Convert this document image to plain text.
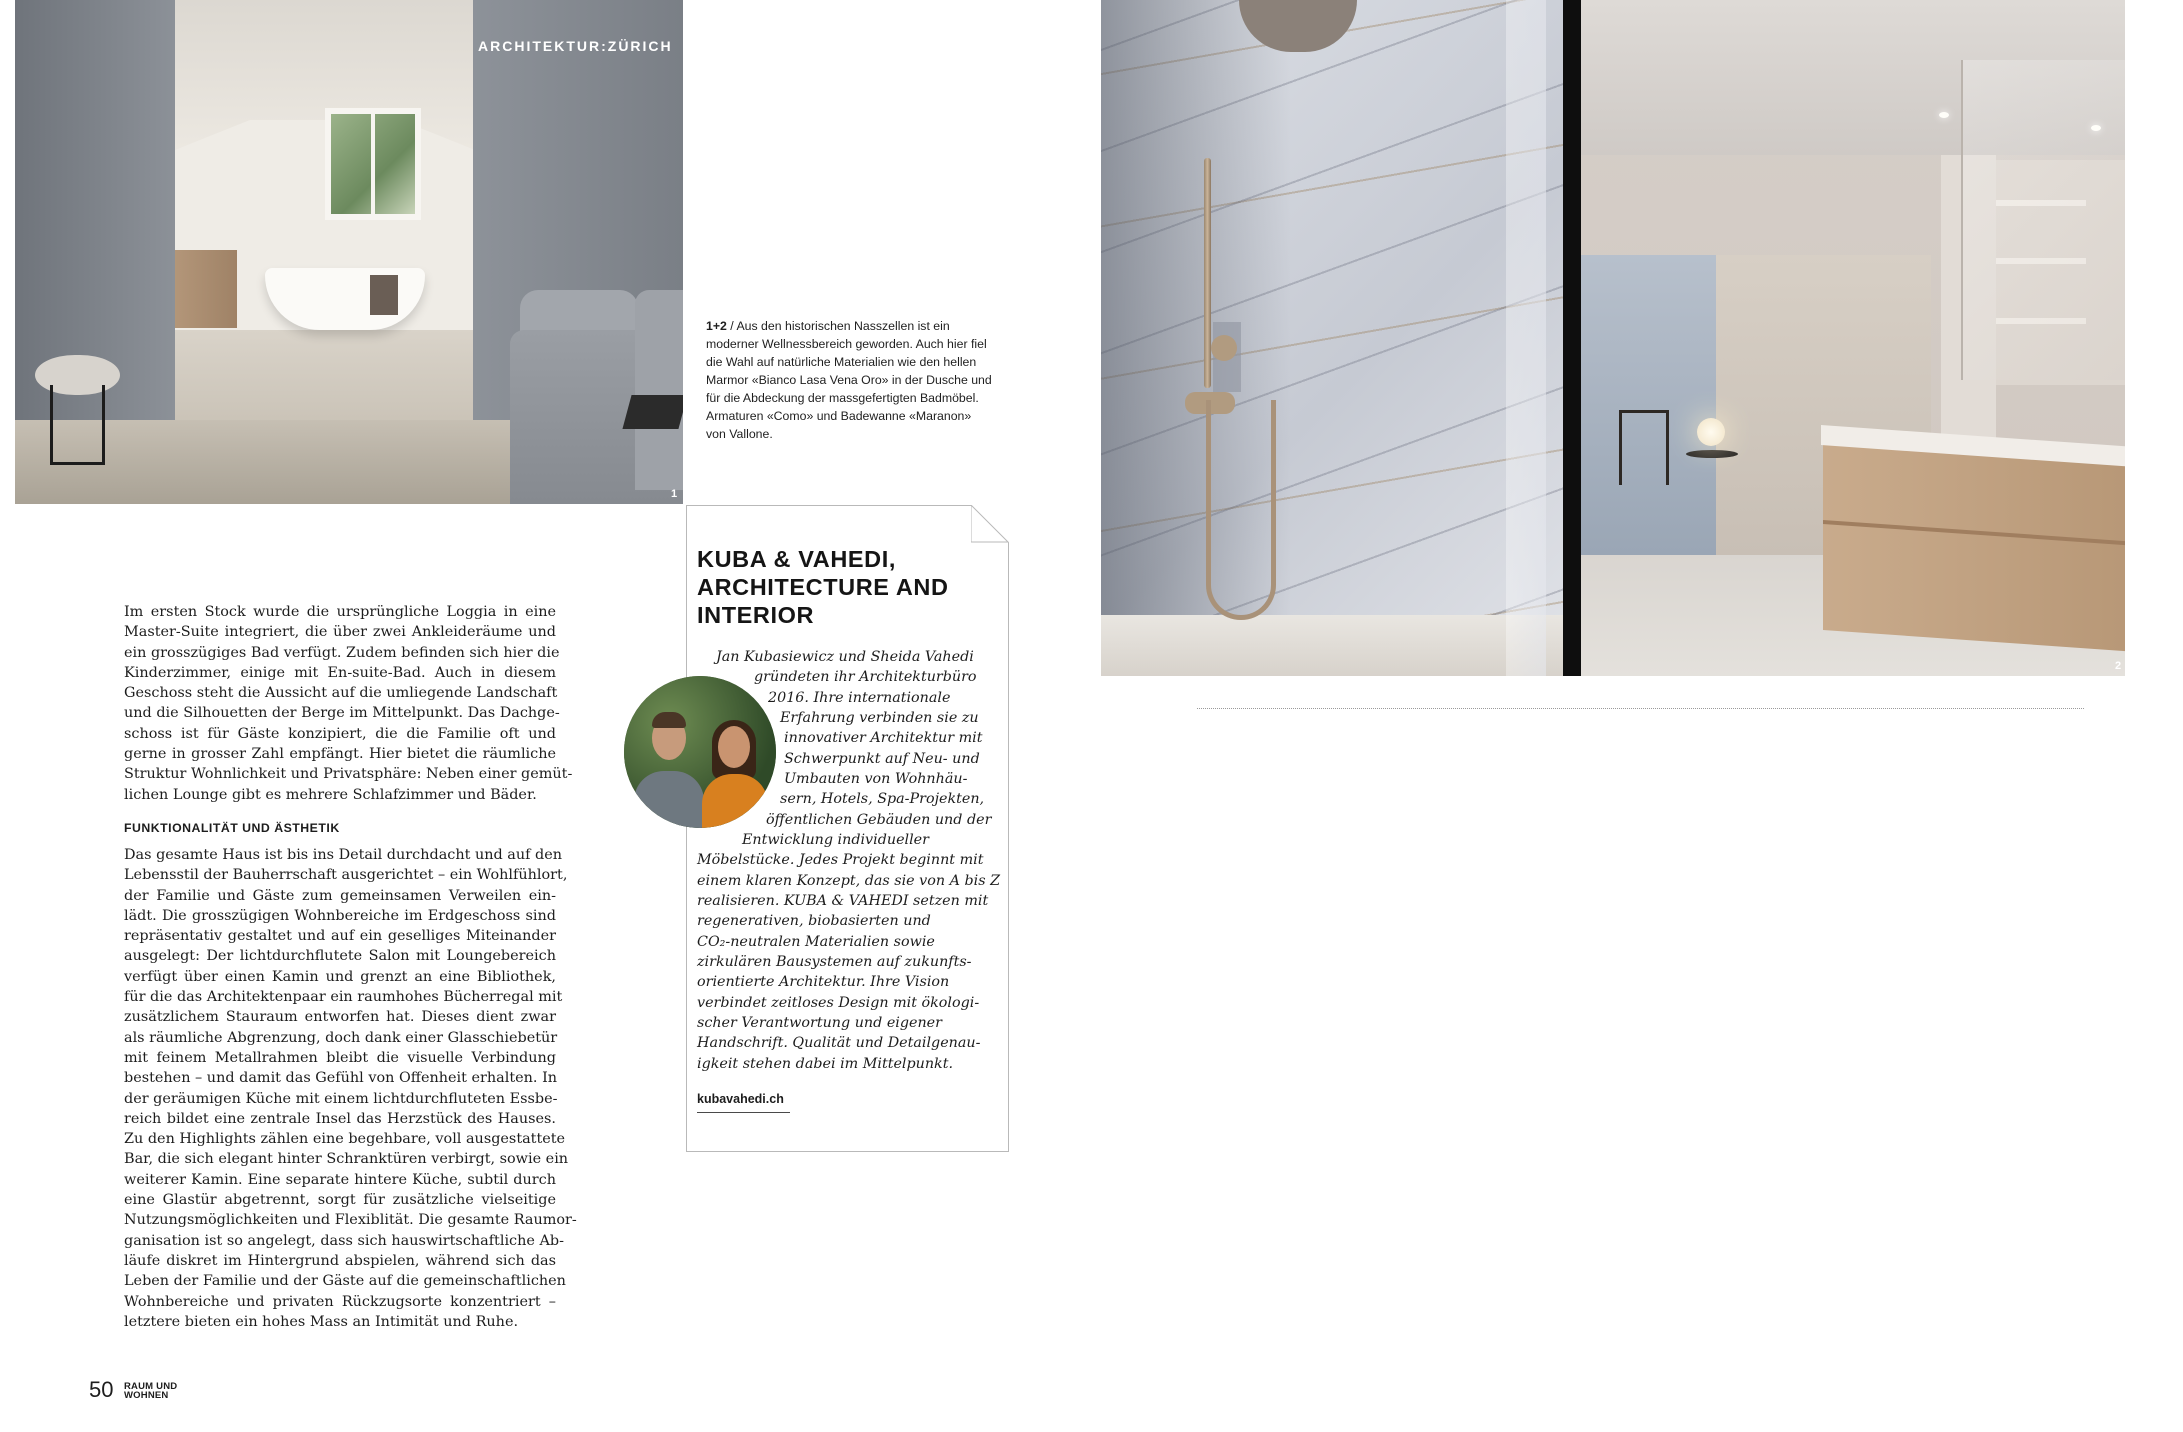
ARCHITEKTUR:ZÜRICH
1
2
1+2 / Aus den historischen Nasszellen ist ein
moderner Wellnessbereich geworden. Auch hier fiel
die Wahl auf natürliche Materialien wie den hellen
Marmor «Bianco Lasa Vena Oro» in der Dusche und
für die Abdeckung der massgefertigten Badmöbel.
Armaturen «Como» und Badewanne «Maranon»
von Vallone.
KUBA & VAHEDI,
ARCHITECTURE AND
INTERIOR
Jan Kubasiewicz und Sheida Vahedi
gründeten ihr Architekturbüro
2016. Ihre internationale
Erfahrung verbinden sie zu
innovativer Architektur mit
Schwerpunkt auf Neu- und
Umbauten von Wohnhäu-
sern, Hotels, Spa-Projekten,
öffentlichen Gebäuden und der
Entwicklung individueller
Möbelstücke. Jedes Projekt beginnt mit
einem klaren Konzept, das sie von A bis Z
realisieren. KUBA & VAHEDI setzen mit
regenerativen, biobasierten und
CO₂-neutralen Materialien sowie
zirkulären Bausystemen auf zukunfts-
orientierte Architektur. Ihre Vision
verbindet zeitloses Design mit ökologi-
scher Verantwortung und eigener
Handschrift. Qualität und Detailgenau-
igkeit stehen dabei im Mittelpunkt.
kubavahedi.ch
Im ersten Stock wurde die ursprüngliche Loggia in eine
Master-Suite integriert, die über zwei Ankleideräume und
ein grosszügiges Bad verfügt. Zudem befinden sich hier die
Kinderzimmer, einige mit En-suite-Bad. Auch in diesem
Geschoss steht die Aussicht auf die umliegende Landschaft
und die Silhouetten der Berge im Mittelpunkt. Das Dachge-
schoss ist für Gäste konzipiert, die die Familie oft und
gerne in grosser Zahl empfängt. Hier bietet die räumliche
Struktur Wohnlichkeit und Privatsphäre: Neben einer gemüt-
lichen Lounge gibt es mehrere Schlafzimmer und Bäder.
FUNKTIONALITÄT UND ÄSTHETIK
Das gesamte Haus ist bis ins Detail durchdacht und auf den
Lebensstil der Bauherrschaft ausgerichtet – ein Wohlfühlort,
der Familie und Gäste zum gemeinsamen Verweilen ein-
lädt. Die grosszügigen Wohnbereiche im Erdgeschoss sind
repräsentativ gestaltet und auf ein geselliges Miteinander
ausgelegt: Der lichtdurchflutete Salon mit Loungebereich
verfügt über einen Kamin und grenzt an eine Bibliothek,
für die das Architektenpaar ein raumhohes Bücherregal mit
zusätzlichem Stauraum entworfen hat. Dieses dient zwar
als räumliche Abgrenzung, doch dank einer Glasschiebetür
mit feinem Metallrahmen bleibt die visuelle Verbindung
bestehen – und damit das Gefühl von Offenheit erhalten. In
der geräumigen Küche mit einem lichtdurchfluteten Essbe-
reich bildet eine zentrale Insel das Herzstück des Hauses.
Zu den Highlights zählen eine begehbare, voll ausgestattete
Bar, die sich elegant hinter Schranktüren verbirgt, sowie ein
weiterer Kamin. Eine separate hintere Küche, subtil durch
eine Glastür abgetrennt, sorgt für zusätzliche vielseitige
Nutzungsmöglichkeiten und Flexiblität. Die gesamte Raumor-
ganisation ist so angelegt, dass sich hauswirtschaftliche Ab-
läufe diskret im Hintergrund abspielen, während sich das
Leben der Familie und der Gäste auf die gemeinschaftlichen
Wohnbereiche und privaten Rückzugsorte konzentriert –
letztere bieten ein hohes Mass an Intimität und Ruhe.
50 RAUM UND
WOHNEN
